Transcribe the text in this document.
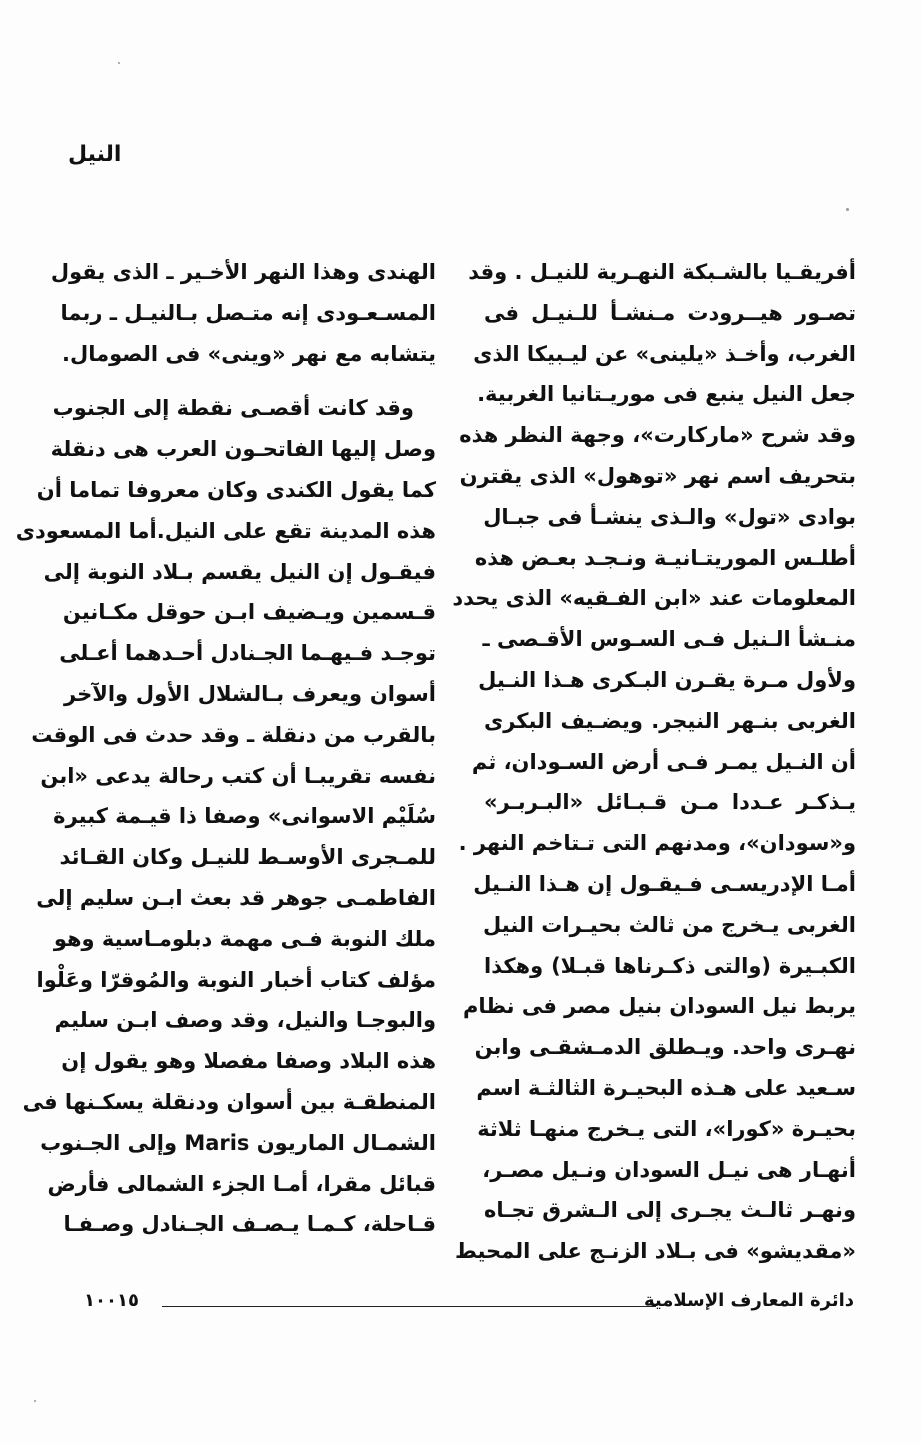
النيل
أفريقـيا بالشـبكة النهـرية للنيـل . وقد
تصـور هيــرودت مـنشـأ للـنيـل فى
الغرب، وأخـذ «يلينى» عن ليـبيكا الذى
جعل النيل ينبع فى موريـتانيا الغربية.
وقد شرح «ماركارت»، وجهة النظر هذه
بتحريف اسم نهر «توهول» الذى يقترن
بوادى «تول» والـذى ينشـأ فى جبـال
أطلـس الموريتـانيـة ونـجـد بعـض هذه
المعلومات عند «ابن الفـقيه» الذى يحدد
منـشأ الـنيل فـى السـوس الأقـصى ـ
ولأول مـرة يقـرن البـكرى هـذا النـيل
الغربى بنـهر النيجر. ويضـيف البكرى
أن النـيل يمـر فـى أرض السـودان، ثم
يـذكـر عـددا مـن قـبـائل «البـربـر»
و«سودان»، ومدنهم التى تـتاخم النهر .
أمـا الإدريسـى فـيقـول إن هـذا النـيل
الغربى يـخرج من ثالث بحيـرات النيل
الكبـيرة (والتى ذكـرناها قبـلا) وهكذا
يربط نيل السودان بنيل مصر فى نظام
نهـرى واحد. ويـطلق الدمـشقـى وابن
سـعيد على هـذه البحيـرة الثالثـة اسم
بحيـرة «كورا»، التى يـخرج منهـا ثلاثة
أنهـار هى نيـل السودان ونـيل مصـر،
ونهـر ثالـث يجـرى إلى الـشرق تجـاه
«مقديشو» فى بـلاد الزنـج على المحيط
الهندى وهذا النهر الأخـير ـ الذى يقول
المسـعـودى إنه متـصل بـالنيـل ـ ربما
يتشابه مع نهر «وينى» فى الصومال.
وقد كانت أقصـى نقطة إلى الجنوب
وصل إليها الفاتحـون العرب هى دنقلة
كما يقول الكندى وكان معروفا تماما أن
هذه المدينة تقع على النيل.أما المسعودى
فيقـول إن النيل يقسم بـلاد النوبة إلى
قـسمين ويـضيف ابـن حوقل مكـانين
توجـد فـيهـما الجـنادل أحـدهما أعـلى
أسوان ويعرف بـالشلال الأول والآخر
بالقرب من دنقلة ـ وقد حدث فى الوقت
نفسه تقريبـا أن كتب رحالة يدعى «ابن
سُلَيْم الاسوانى» وصفا ذا قيـمة كبيرة
للمـجرى الأوسـط للنيـل وكان القـائد
الفاطمـى جوهر قد بعث ابـن سليم إلى
ملك النوبة فـى مهمة دبلومـاسية وهو
مؤلف كتاب أخبار النوبة والمُوقرّا وعَلْوا
والبوجـا والنيل، وقد وصف ابـن سليم
هذه البلاد وصفا مفصلا وهو يقول إن
المنطقـة بين أسوان ودنقلة يسكـنها فى
الشمـال الماريون Maris وإلى الجـنوب
قبائل مقرا، أمـا الجزء الشمالى فأرض
قـاحلة، كـمـا يـصـف الجـنادل وصـفـا
دائرة المعارف الإسلامية
١٠٠١٥
